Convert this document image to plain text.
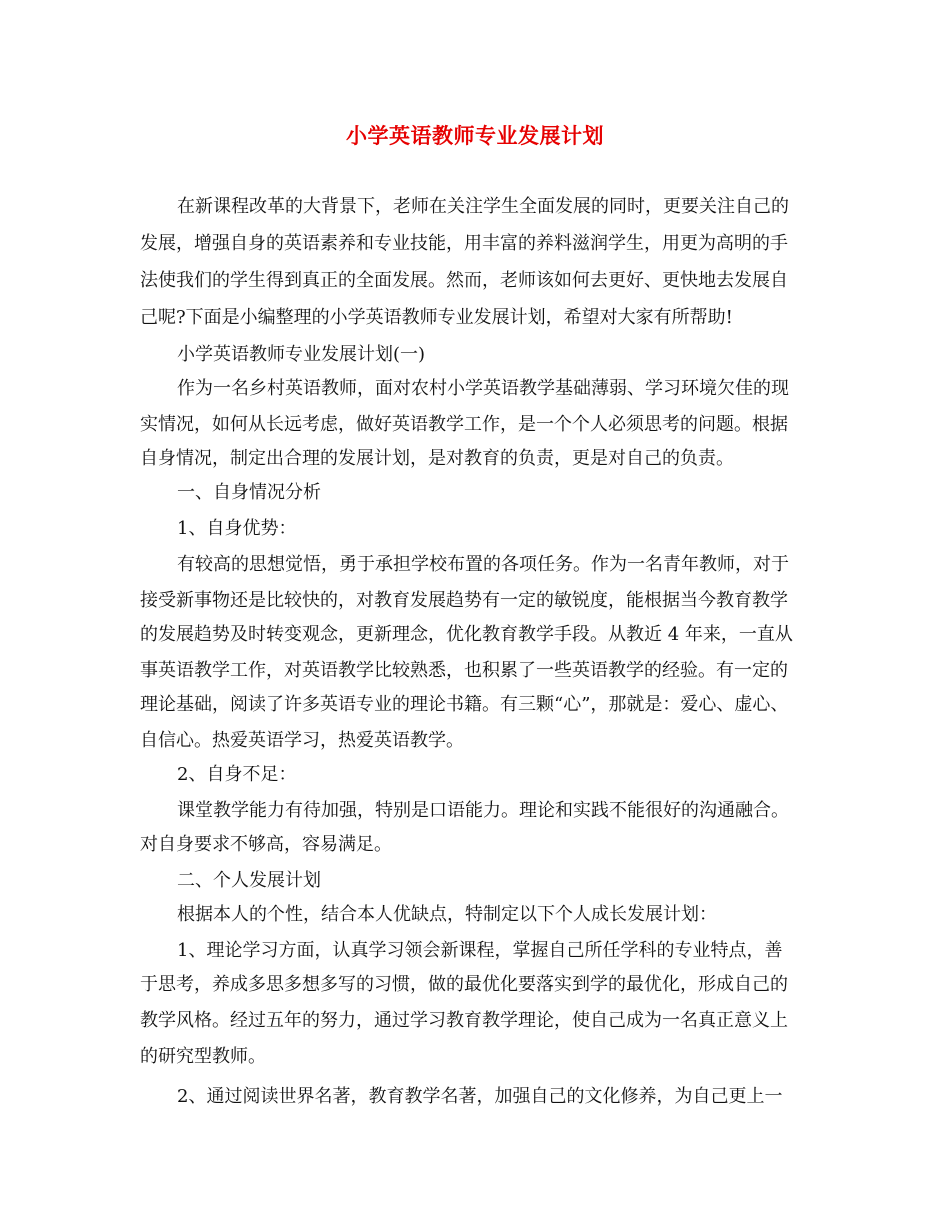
小学英语教师专业发展计划
在新课程改革的大背景下，老师在关注学生全面发展的同时，更要关注自己的
发展，增强自身的英语素养和专业技能，用丰富的养料滋润学生，用更为高明的手
法使我们的学生得到真正的全面发展。然而，老师该如何去更好、更快地去发展自
己呢?下面是小编整理的小学英语教师专业发展计划，希望对大家有所帮助!
小学英语教师专业发展计划(一)
作为一名乡村英语教师，面对农村小学英语教学基础薄弱、学习环境欠佳的现
实情况，如何从长远考虑，做好英语教学工作，是一个个人必须思考的问题。根据
自身情况，制定出合理的发展计划，是对教育的负责，更是对自己的负责。
一、自身情况分析
1、自身优势：
有较高的思想觉悟，勇于承担学校布置的各项任务。作为一名青年教师，对于
接受新事物还是比较快的，对教育发展趋势有一定的敏锐度，能根据当今教育教学
的发展趋势及时转变观念，更新理念，优化教育教学手段。从教近 4 年来，一直从
事英语教学工作，对英语教学比较熟悉，也积累了一些英语教学的经验。有一定的
理论基础，阅读了许多英语专业的理论书籍。有三颗“心”，那就是：爱心、虚心、
自信心。热爱英语学习，热爱英语教学。
2、自身不足：
课堂教学能力有待加强，特别是口语能力。理论和实践不能很好的沟通融合。
对自身要求不够高，容易满足。
二、个人发展计划
根据本人的个性，结合本人优缺点，特制定以下个人成长发展计划：
1、理论学习方面，认真学习领会新课程，掌握自己所任学科的专业特点，善
于思考，养成多思多想多写的习惯，做的最优化要落实到学的最优化，形成自己的
教学风格。经过五年的努力，通过学习教育教学理论，使自己成为一名真正意义上
的研究型教师。
2、通过阅读世界名著，教育教学名著，加强自己的文化修养，为自己更上一
